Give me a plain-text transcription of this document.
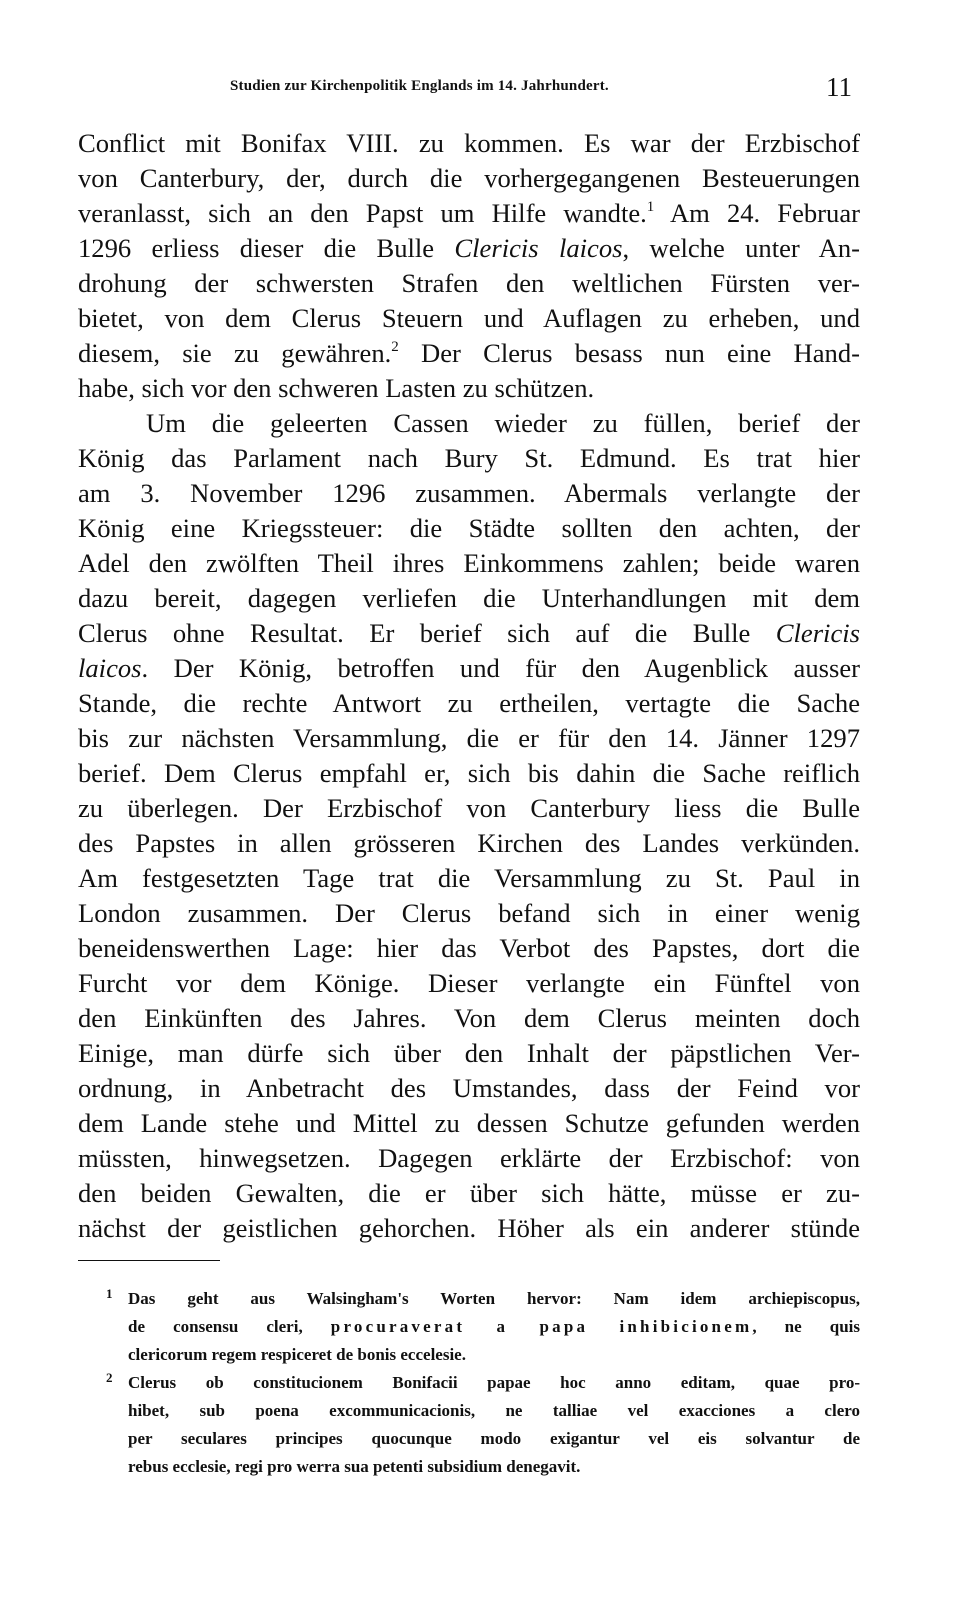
Studien zur Kirchenpolitik Englands im 14. Jahrhundert.	11
Conflict mit Bonifax VIII. zu kommen. Es war der Erzbischof
von Canterbury, der, durch die vorhergegangenen Besteuerungen
veranlasst, sich an den Papst um Hilfe wandte.$^1$ Am 24. Februar
1296 erliess dieser die Bulle Clericis laicos, welche unter An-
drohung der schwersten Strafen den weltlichen Fürsten ver-
bietet, von dem Clerus Steuern und Auflagen zu erheben, und
diesem, sie zu gewähren.$^2$ Der Clerus besass nun eine Hand-
habe, sich vor den schweren Lasten zu schützen.
Um die geleerten Cassen wieder zu füllen, berief der
König das Parlament nach Bury St. Edmund. Es trat hier
am 3. November 1296 zusammen. Abermals verlangte der
König eine Kriegssteuer: die Städte sollten den achten, der
Adel den zwölften Theil ihres Einkommens zahlen; beide waren
dazu bereit, dagegen verliefen die Unterhandlungen mit dem
Clerus ohne Resultat. Er berief sich auf die Bulle Clericis
laicos. Der König, betroffen und für den Augenblick ausser
Stande, die rechte Antwort zu ertheilen, vertagte die Sache
bis zur nächsten Versammlung, die er für den 14. Jänner 1297
berief. Dem Clerus empfahl er, sich bis dahin die Sache reiflich
zu überlegen. Der Erzbischof von Canterbury liess die Bulle
des Papstes in allen grösseren Kirchen des Landes verkünden.
Am festgesetzten Tage trat die Versammlung zu St. Paul in
London zusammen. Der Clerus befand sich in einer wenig
beneidenswerthen Lage: hier das Verbot des Papstes, dort die
Furcht vor dem Könige. Dieser verlangte ein Fünftel von
den Einkünften des Jahres. Von dem Clerus meinten doch
Einige, man dürfe sich über den Inhalt der päpstlichen Ver-
ordnung, in Anbetracht des Umstandes, dass der Feind vor
dem Lande stehe und Mittel zu dessen Schutze gefunden werden
müssten, hinwegsetzen. Dagegen erklärte der Erzbischof: von
den beiden Gewalten, die er über sich hätte, müsse er zu-
nächst der geistlichen gehorchen. Höher als ein anderer stünde
1 Das geht aus Walsingham's Worten hervor: Nam idem archiepiscopus,
de consensu cleri, procuraverat a papa inhibicionem, ne quis
clericorum regem respiceret de bonis eccelesie.
2 Clerus ob constitucionem Bonifacii papae hoc anno editam, quae pro-
hibet, sub poena excommunicacionis, ne talliae vel exacciones a clero
per seculares principes quocunque modo exigantur vel eis solvantur de
rebus ecclesie, regi pro werra sua petenti subsidium denegavit.
